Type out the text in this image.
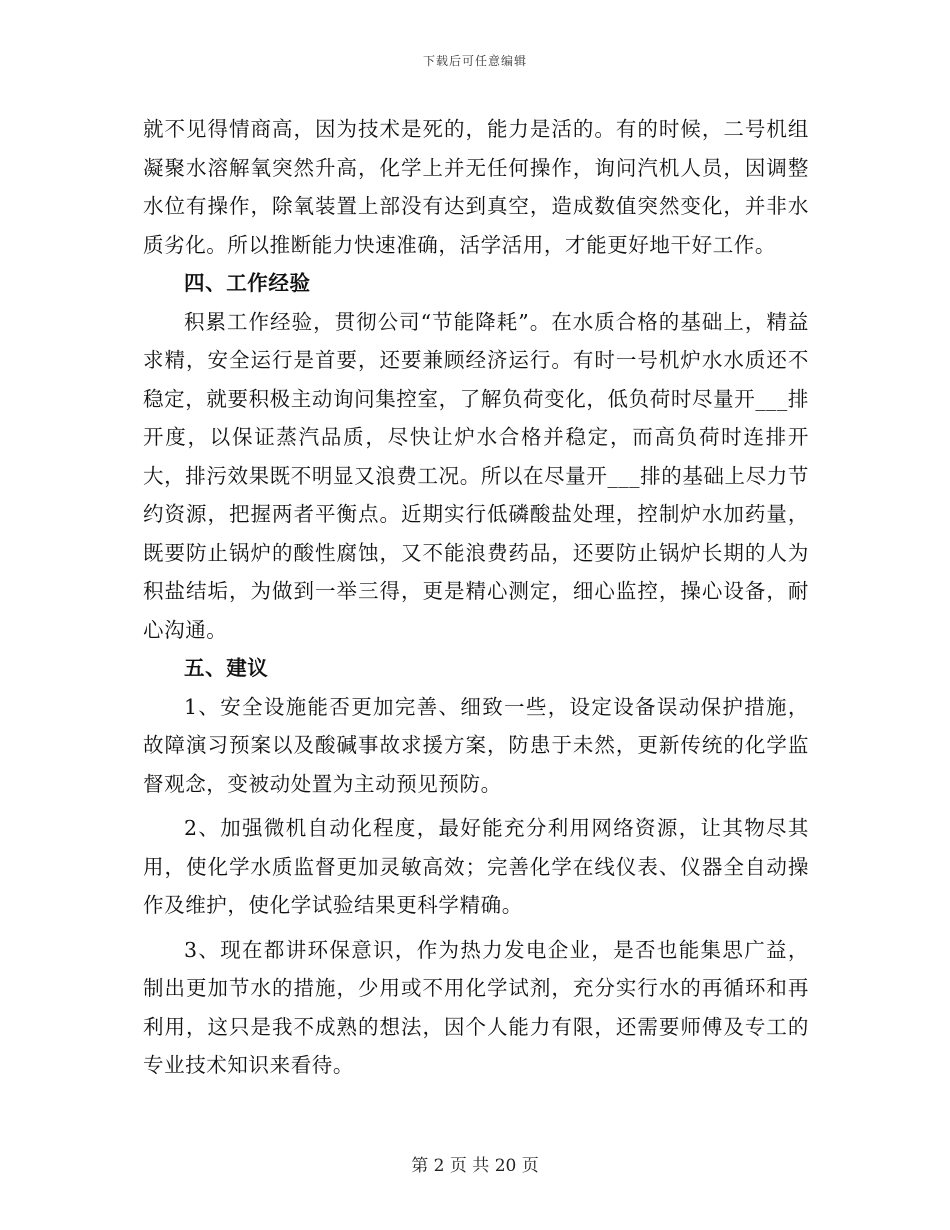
下载后可任意编辑

就不见得情商高，因为技术是死的，能力是活的。有的时候，二号机组凝聚水溶解氧突然升高，化学上并无任何操作，询问汽机人员，因调整水位有操作，除氧装置上部没有达到真空，造成数值突然变化，并非水质劣化。所以推断能力快速准确，活学活用，才能更好地干好工作。

四、工作经验

积累工作经验，贯彻公司“节能降耗”。在水质合格的基础上，精益求精，安全运行是首要，还要兼顾经济运行。有时一号机炉水水质还不稳定，就要积极主动询问集控室，了解负荷变化，低负荷时尽量开___排开度，以保证蒸汽品质，尽快让炉水合格并稳定，而高负荷时连排开大，排污效果既不明显又浪费工况。所以在尽量开___排的基础上尽力节约资源，把握两者平衡点。近期实行低磷酸盐处理，控制炉水加药量，既要防止锅炉的酸性腐蚀，又不能浪费药品，还要防止锅炉长期的人为积盐结垢，为做到一举三得，更是精心测定，细心监控，操心设备，耐心沟通。

五、建议

1、安全设施能否更加完善、细致一些，设定设备误动保护措施，故障演习预案以及酸碱事故求援方案，防患于未然，更新传统的化学监督观念，变被动处置为主动预见预防。

2、加强微机自动化程度，最好能充分利用网络资源，让其物尽其用，使化学水质监督更加灵敏高效；完善化学在线仪表、仪器全自动操作及维护，使化学试验结果更科学精确。

3、现在都讲环保意识，作为热力发电企业，是否也能集思广益，制出更加节水的措施，少用或不用化学试剂，充分实行水的再循环和再利用，这只是我不成熟的想法，因个人能力有限，还需要师傅及专工的专业技术知识来看待。

第 2 页 共 20 页
